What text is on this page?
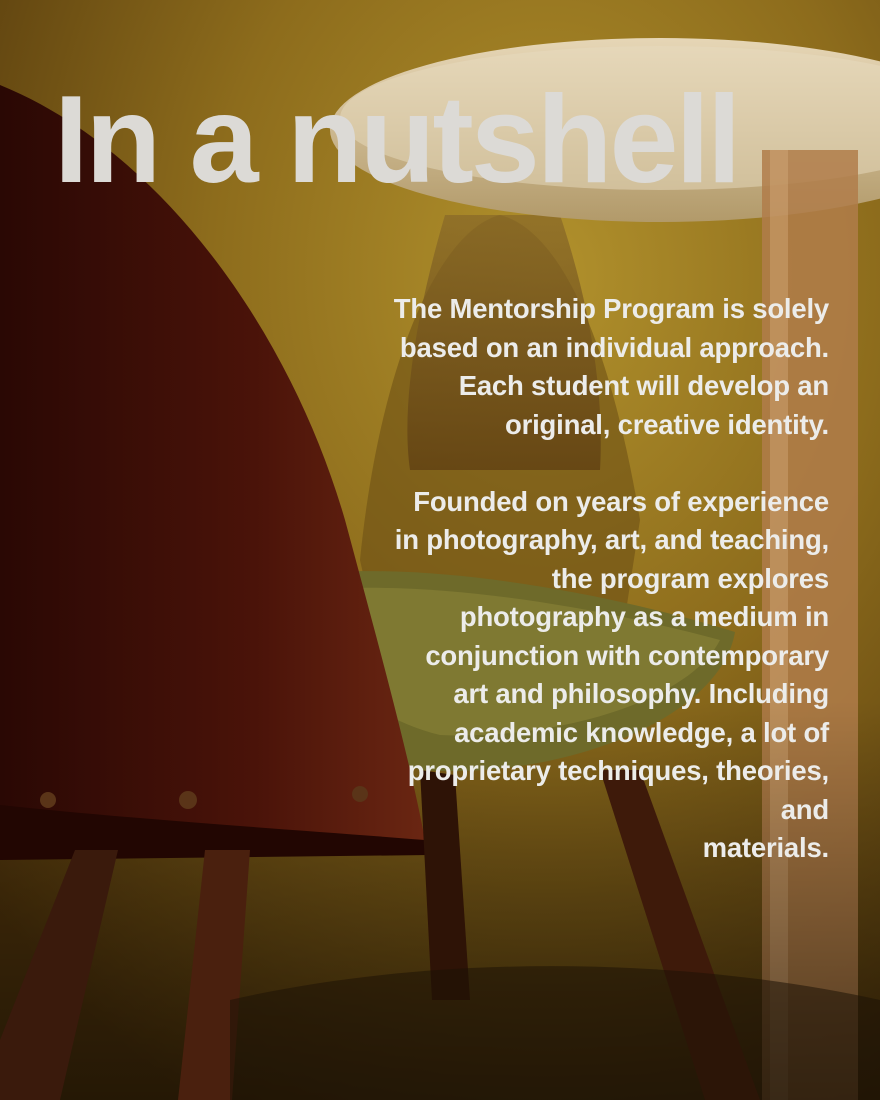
In a nutshell

The Mentorship Program is solely
based on an individual approach.
Each student will develop an
original, creative identity.

Founded on years of experience
in photography, art, and teaching,
the program explores
photography as a medium in
conjunction with contemporary
art and philosophy. Including
academic knowledge, a lot of
proprietary techniques, theories,
and
materials.
